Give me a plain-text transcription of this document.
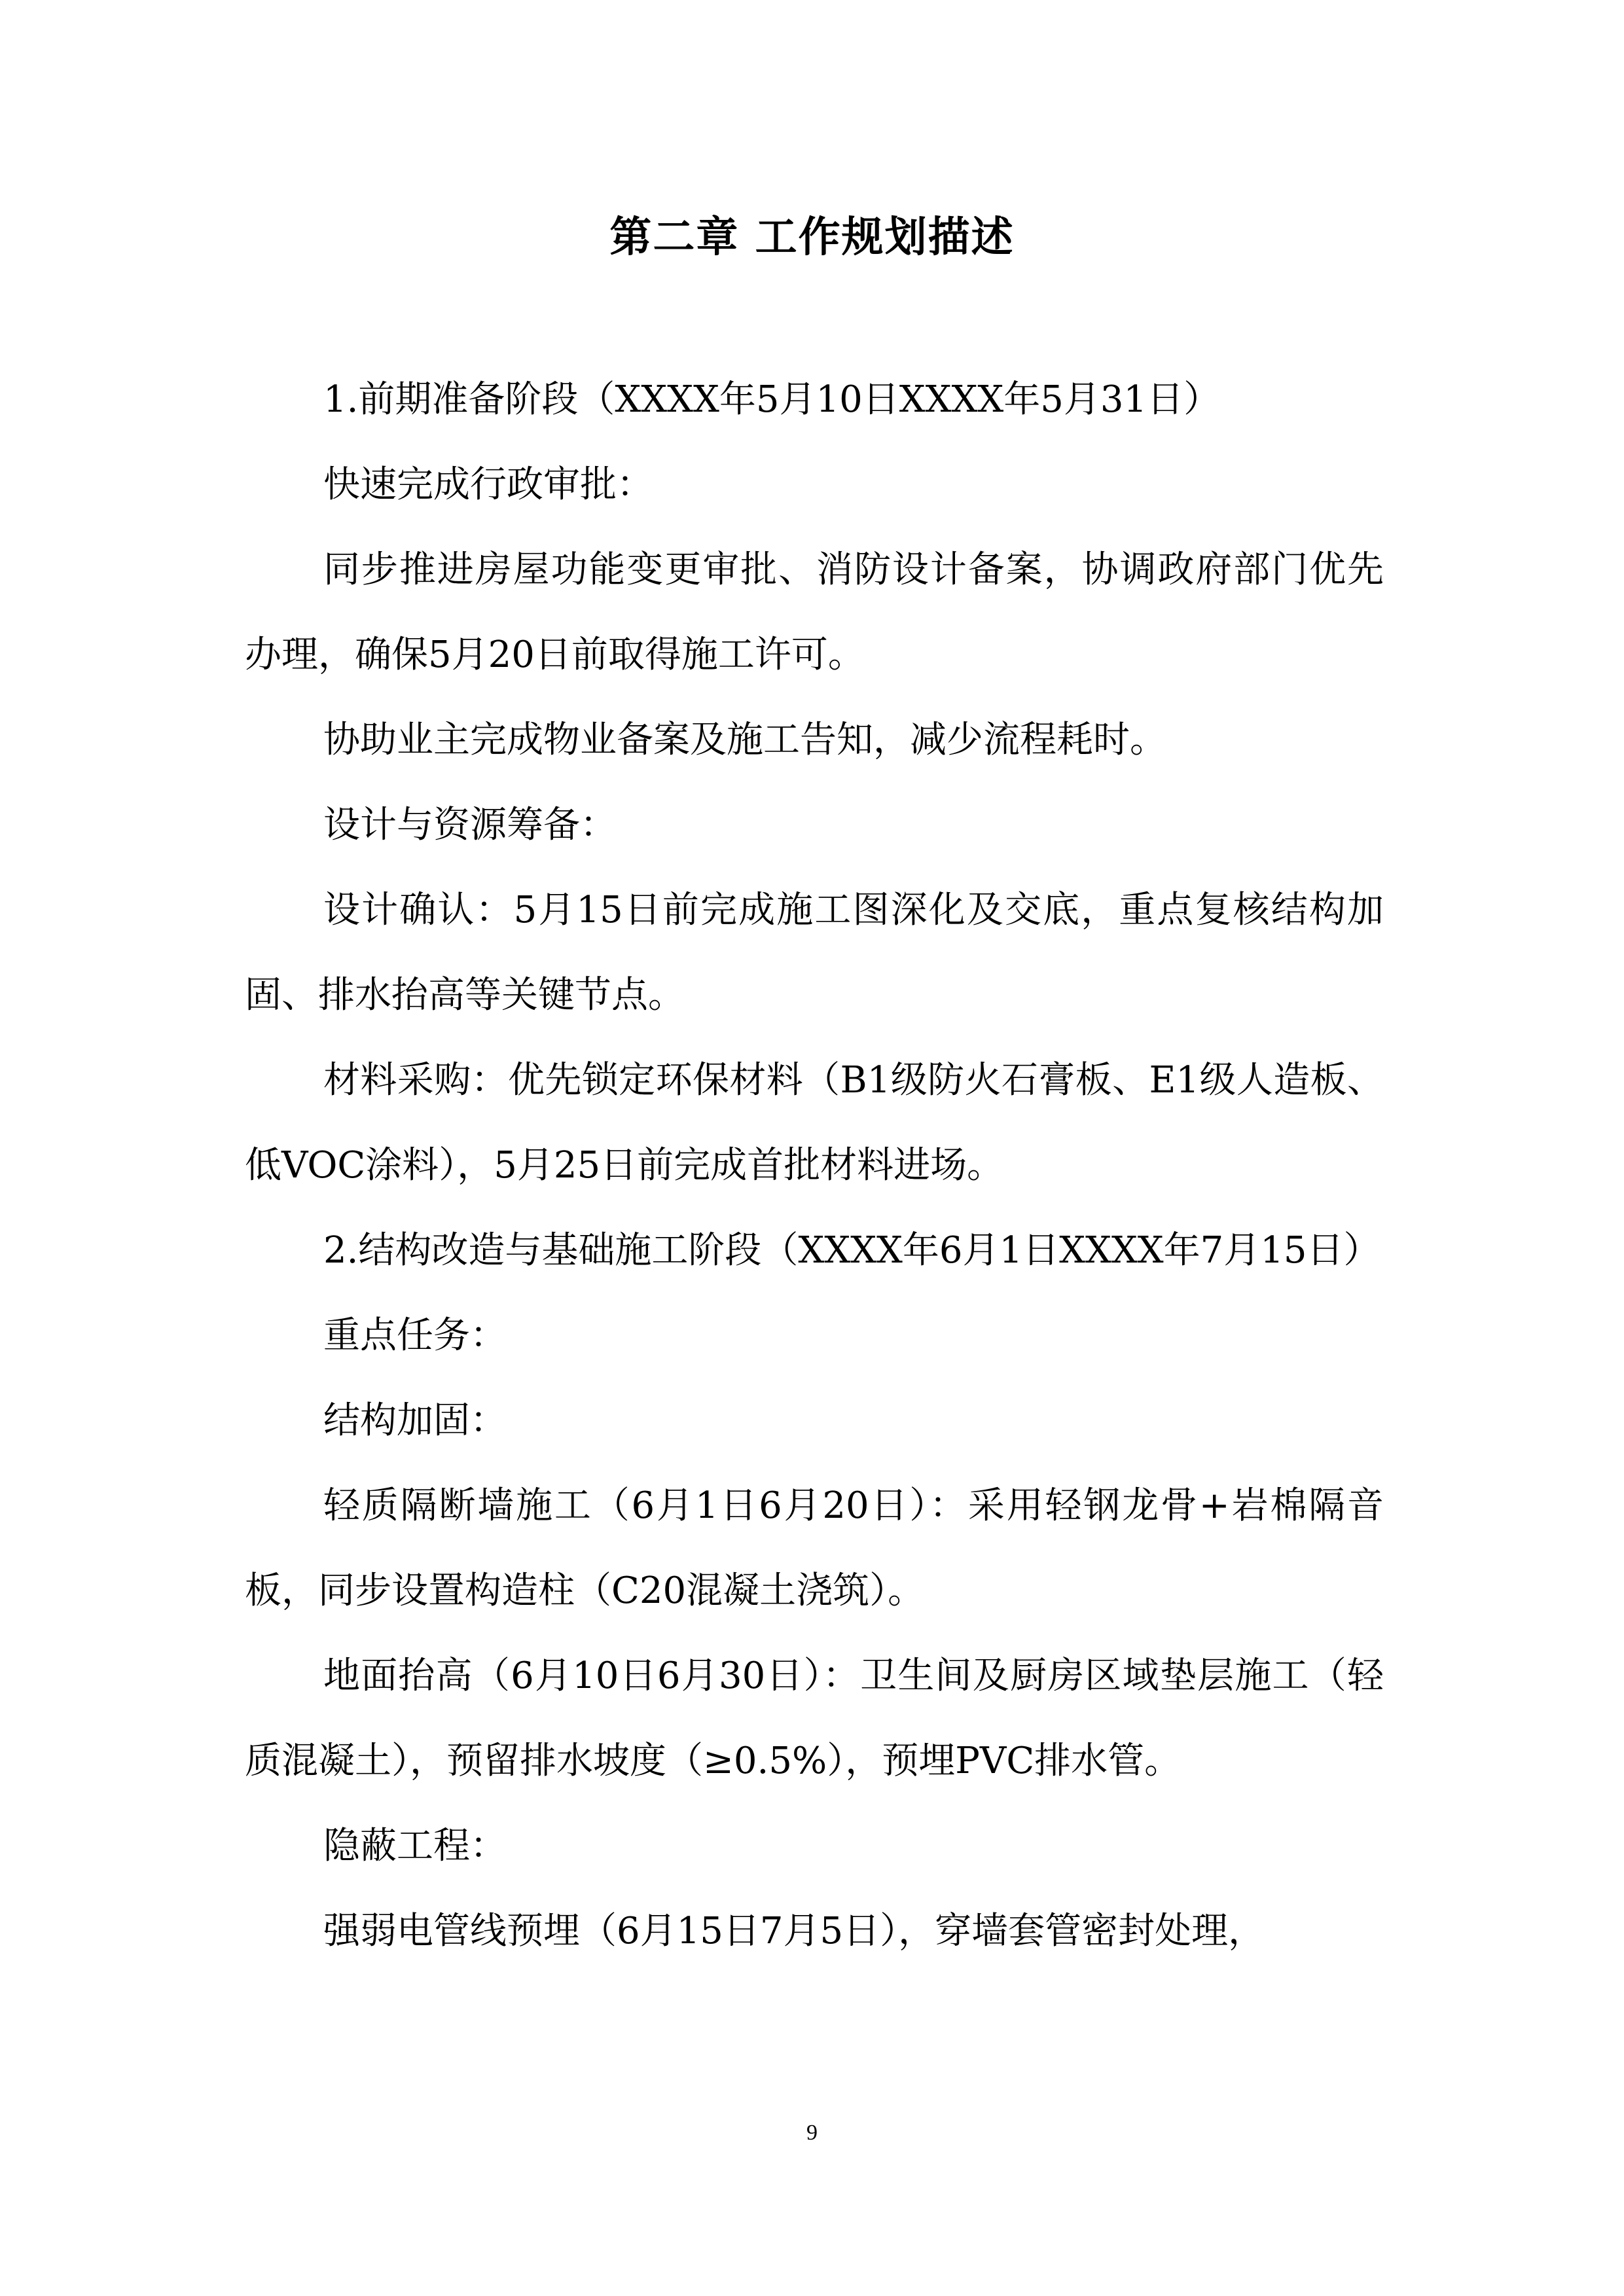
第二章 工作规划描述

1.前期准备阶段（XXXX年5月10日XXXX年5月31日）

快速完成行政审批：

同步推进房屋功能变更审批、消防设计备案，协调政府部门优先办理，确保5月20日前取得施工许可。

协助业主完成物业备案及施工告知，减少流程耗时。

设计与资源筹备：

设计确认：5月15日前完成施工图深化及交底，重点复核结构加固、排水抬高等关键节点。

材料采购：优先锁定环保材料（B1级防火石膏板、E1级人造板、低VOC涂料），5月25日前完成首批材料进场。

2.结构改造与基础施工阶段（XXXX年6月1日XXXX年7月15日）

重点任务：

结构加固：

轻质隔断墙施工（6月1日6月20日）：采用轻钢龙骨+岩棉隔音板，同步设置构造柱（C20混凝土浇筑）。

地面抬高（6月10日6月30日）：卫生间及厨房区域垫层施工（轻质混凝土），预留排水坡度（≥0.5%），预埋PVC排水管。

隐蔽工程：

强弱电管线预埋（6月15日7月5日），穿墙套管密封处理，

9
